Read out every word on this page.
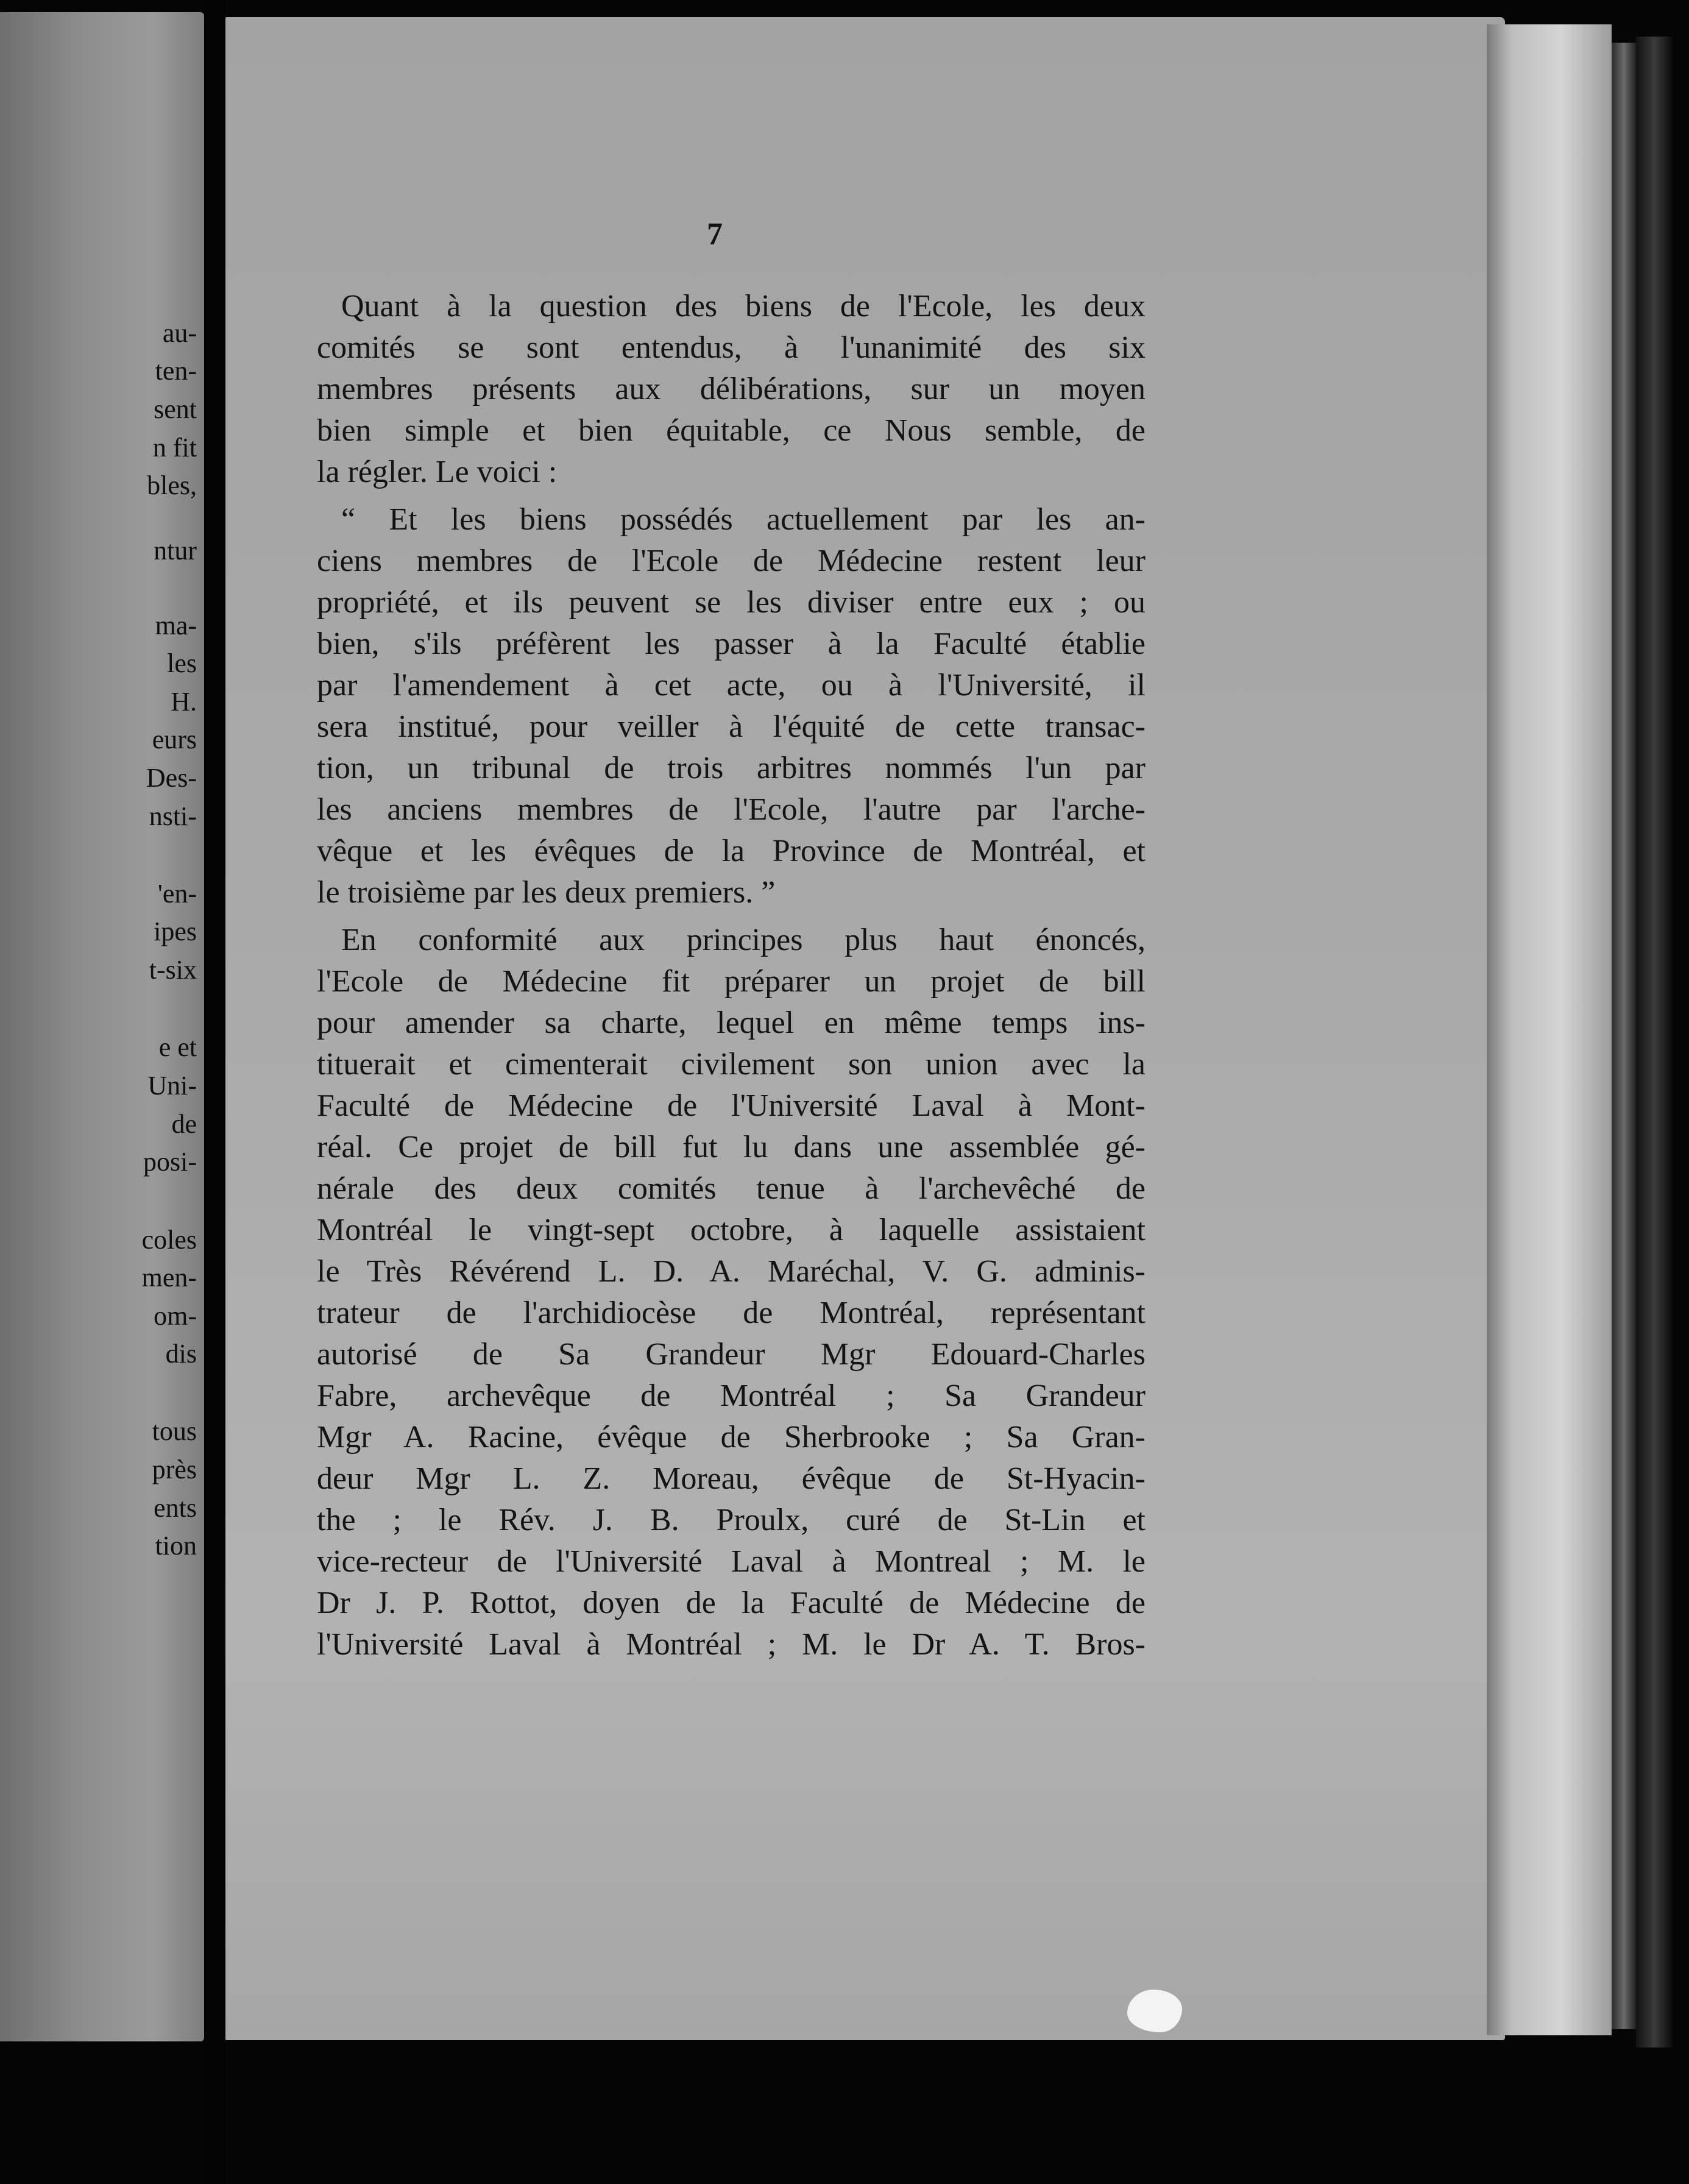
7

au-

ten-

sent

n fit

bles,

ntur

ma-

les

H.

eurs

Des-

nsti-

'en-

ipes

t-six

e et

Uni-

de

posi-

coles

men-

om-

dis

tous

près

ents

tion

Quant à la question des biens de l'Ecole, les deux

comités se sont entendus, à l'unanimité des six

membres présents aux délibérations, sur un moyen

bien simple et bien équitable, ce Nous semble, de

la régler. Le voici :

“ Et les biens possédés actuellement par les an-

ciens membres de l'Ecole de Médecine restent leur

propriété, et ils peuvent se les diviser entre eux ; ou

bien, s'ils préfèrent les passer à la Faculté établie

par l'amendement à cet acte, ou à l'Université, il

sera institué, pour veiller à l'équité de cette transac-

tion, un tribunal de trois arbitres nommés l'un par

les anciens membres de l'Ecole, l'autre par l'arche-

vêque et les évêques de la Province de Montréal, et

le troisième par les deux premiers. ”

En conformité aux principes plus haut énoncés,

l'Ecole de Médecine fit préparer un projet de bill

pour amender sa charte, lequel en même temps ins-

tituerait et cimenterait civilement son union avec la

Faculté de Médecine de l'Université Laval à Mont-

réal. Ce projet de bill fut lu dans une assemblée gé-

nérale des deux comités tenue à l'archevêché de

Montréal le vingt-sept octobre, à laquelle assistaient

le Très Révérend L. D. A. Maréchal, V. G. adminis-

trateur de l'archidiocèse de Montréal, représentant

autorisé de Sa Grandeur Mgr Edouard-Charles

Fabre, archevêque de Montréal ; Sa Grandeur

Mgr A. Racine, évêque de Sherbrooke ; Sa Gran-

deur Mgr L. Z. Moreau, évêque de St-Hyacin-

the ; le Rév. J. B. Proulx, curé de St-Lin et

vice-recteur de l'Université Laval à Montreal ; M. le

Dr J. P. Rottot, doyen de la Faculté de Médecine de

l'Université Laval à Montréal ; M. le Dr A. T. Bros-
